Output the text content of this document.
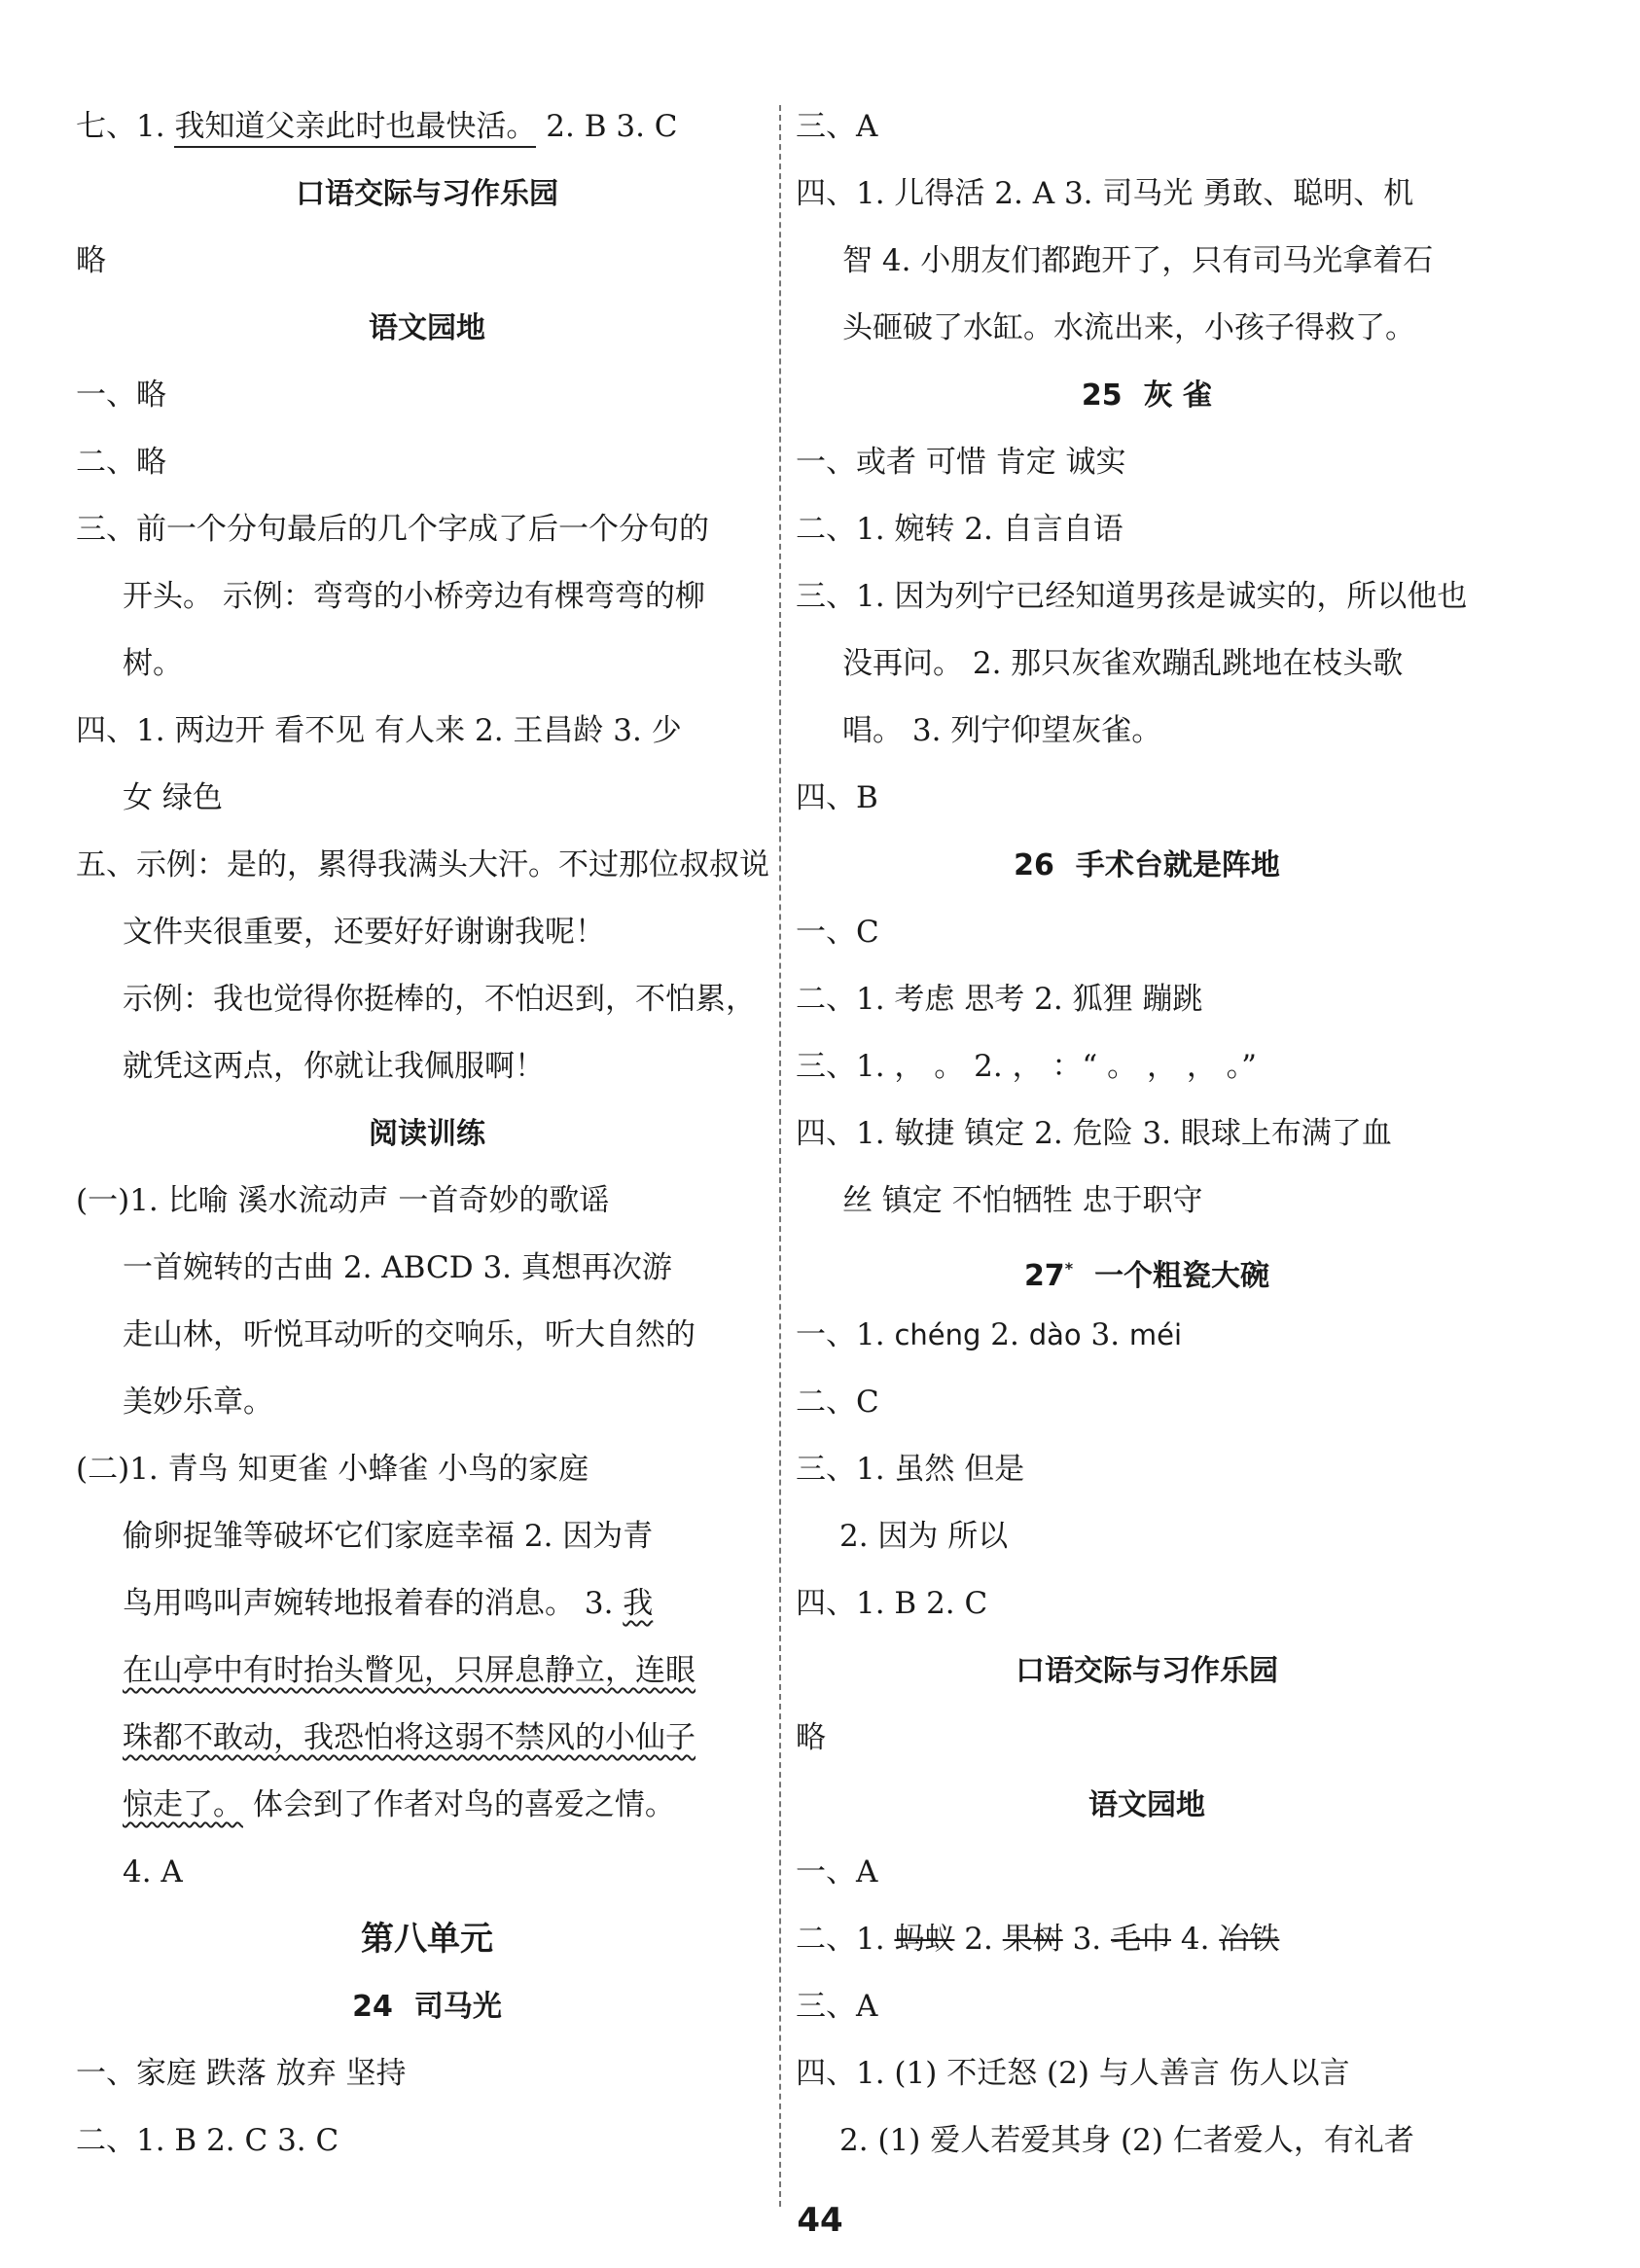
七、1. 我知道父亲此时也最快活。 2. B 3. C
口语交际与习作乐园
略
语文园地
一、略
二、略
三、前一个分句最后的几个字成了后一个分句的
开头。 示例：弯弯的小桥旁边有棵弯弯的柳
树。
四、1. 两边开 看不见 有人来 2. 王昌龄 3. 少
女 绿色
五、示例：是的，累得我满头大汗。不过那位叔叔说
文件夹很重要，还要好好谢谢我呢！
示例：我也觉得你挺棒的，不怕迟到，不怕累，
就凭这两点，你就让我佩服啊！
阅读训练
(一)1. 比喻 溪水流动声 一首奇妙的歌谣
一首婉转的古曲 2. ABCD 3. 真想再次游
走山林，听悦耳动听的交响乐，听大自然的
美妙乐章。
(二)1. 青鸟 知更雀 小蜂雀 小鸟的家庭
偷卵捉雏等破坏它们家庭幸福 2. 因为青
鸟用鸣叫声婉转地报着春的消息。 3. 我
在山亭中有时抬头瞥见，只屏息静立，连眼
珠都不敢动，我恐怕将这弱不禁风的小仙子
惊走了。 体会到了作者对鸟的喜爱之情。
4. A
第八单元
24 司马光
一、家庭 跌落 放弃 坚持
二、1. B 2. C 3. C
三、A
四、1. 儿得活 2. A 3. 司马光 勇敢、聪明、机
智 4. 小朋友们都跑开了，只有司马光拿着石
头砸破了水缸。水流出来，小孩子得救了。
25 灰 雀
一、或者 可惜 肯定 诚实
二、1. 婉转 2. 自言自语
三、1. 因为列宁已经知道男孩是诚实的，所以他也
没再问。 2. 那只灰雀欢蹦乱跳地在枝头歌
唱。 3. 列宁仰望灰雀。
四、B
26 手术台就是阵地
一、C
二、1. 考虑 思考 2. 狐狸 蹦跳
三、1. ， 。 2. ， ：“ 。 ， ， 。”
四、1. 敏捷 镇定 2. 危险 3. 眼球上布满了血
丝 镇定 不怕牺牲 忠于职守
27* 一个粗瓷大碗
一、1. chéng 2. dào 3. méi
二、C
三、1. 虽然 但是
2. 因为 所以
四、1. B 2. C
口语交际与习作乐园
略
语文园地
一、A
二、1. 蚂蚁 2. 果树 3. 毛巾 4. 冶铁
三、A
四、1. (1) 不迁怒 (2) 与人善言 伤人以言
2. (1) 爱人若爱其身 (2) 仁者爱人，有礼者
44
